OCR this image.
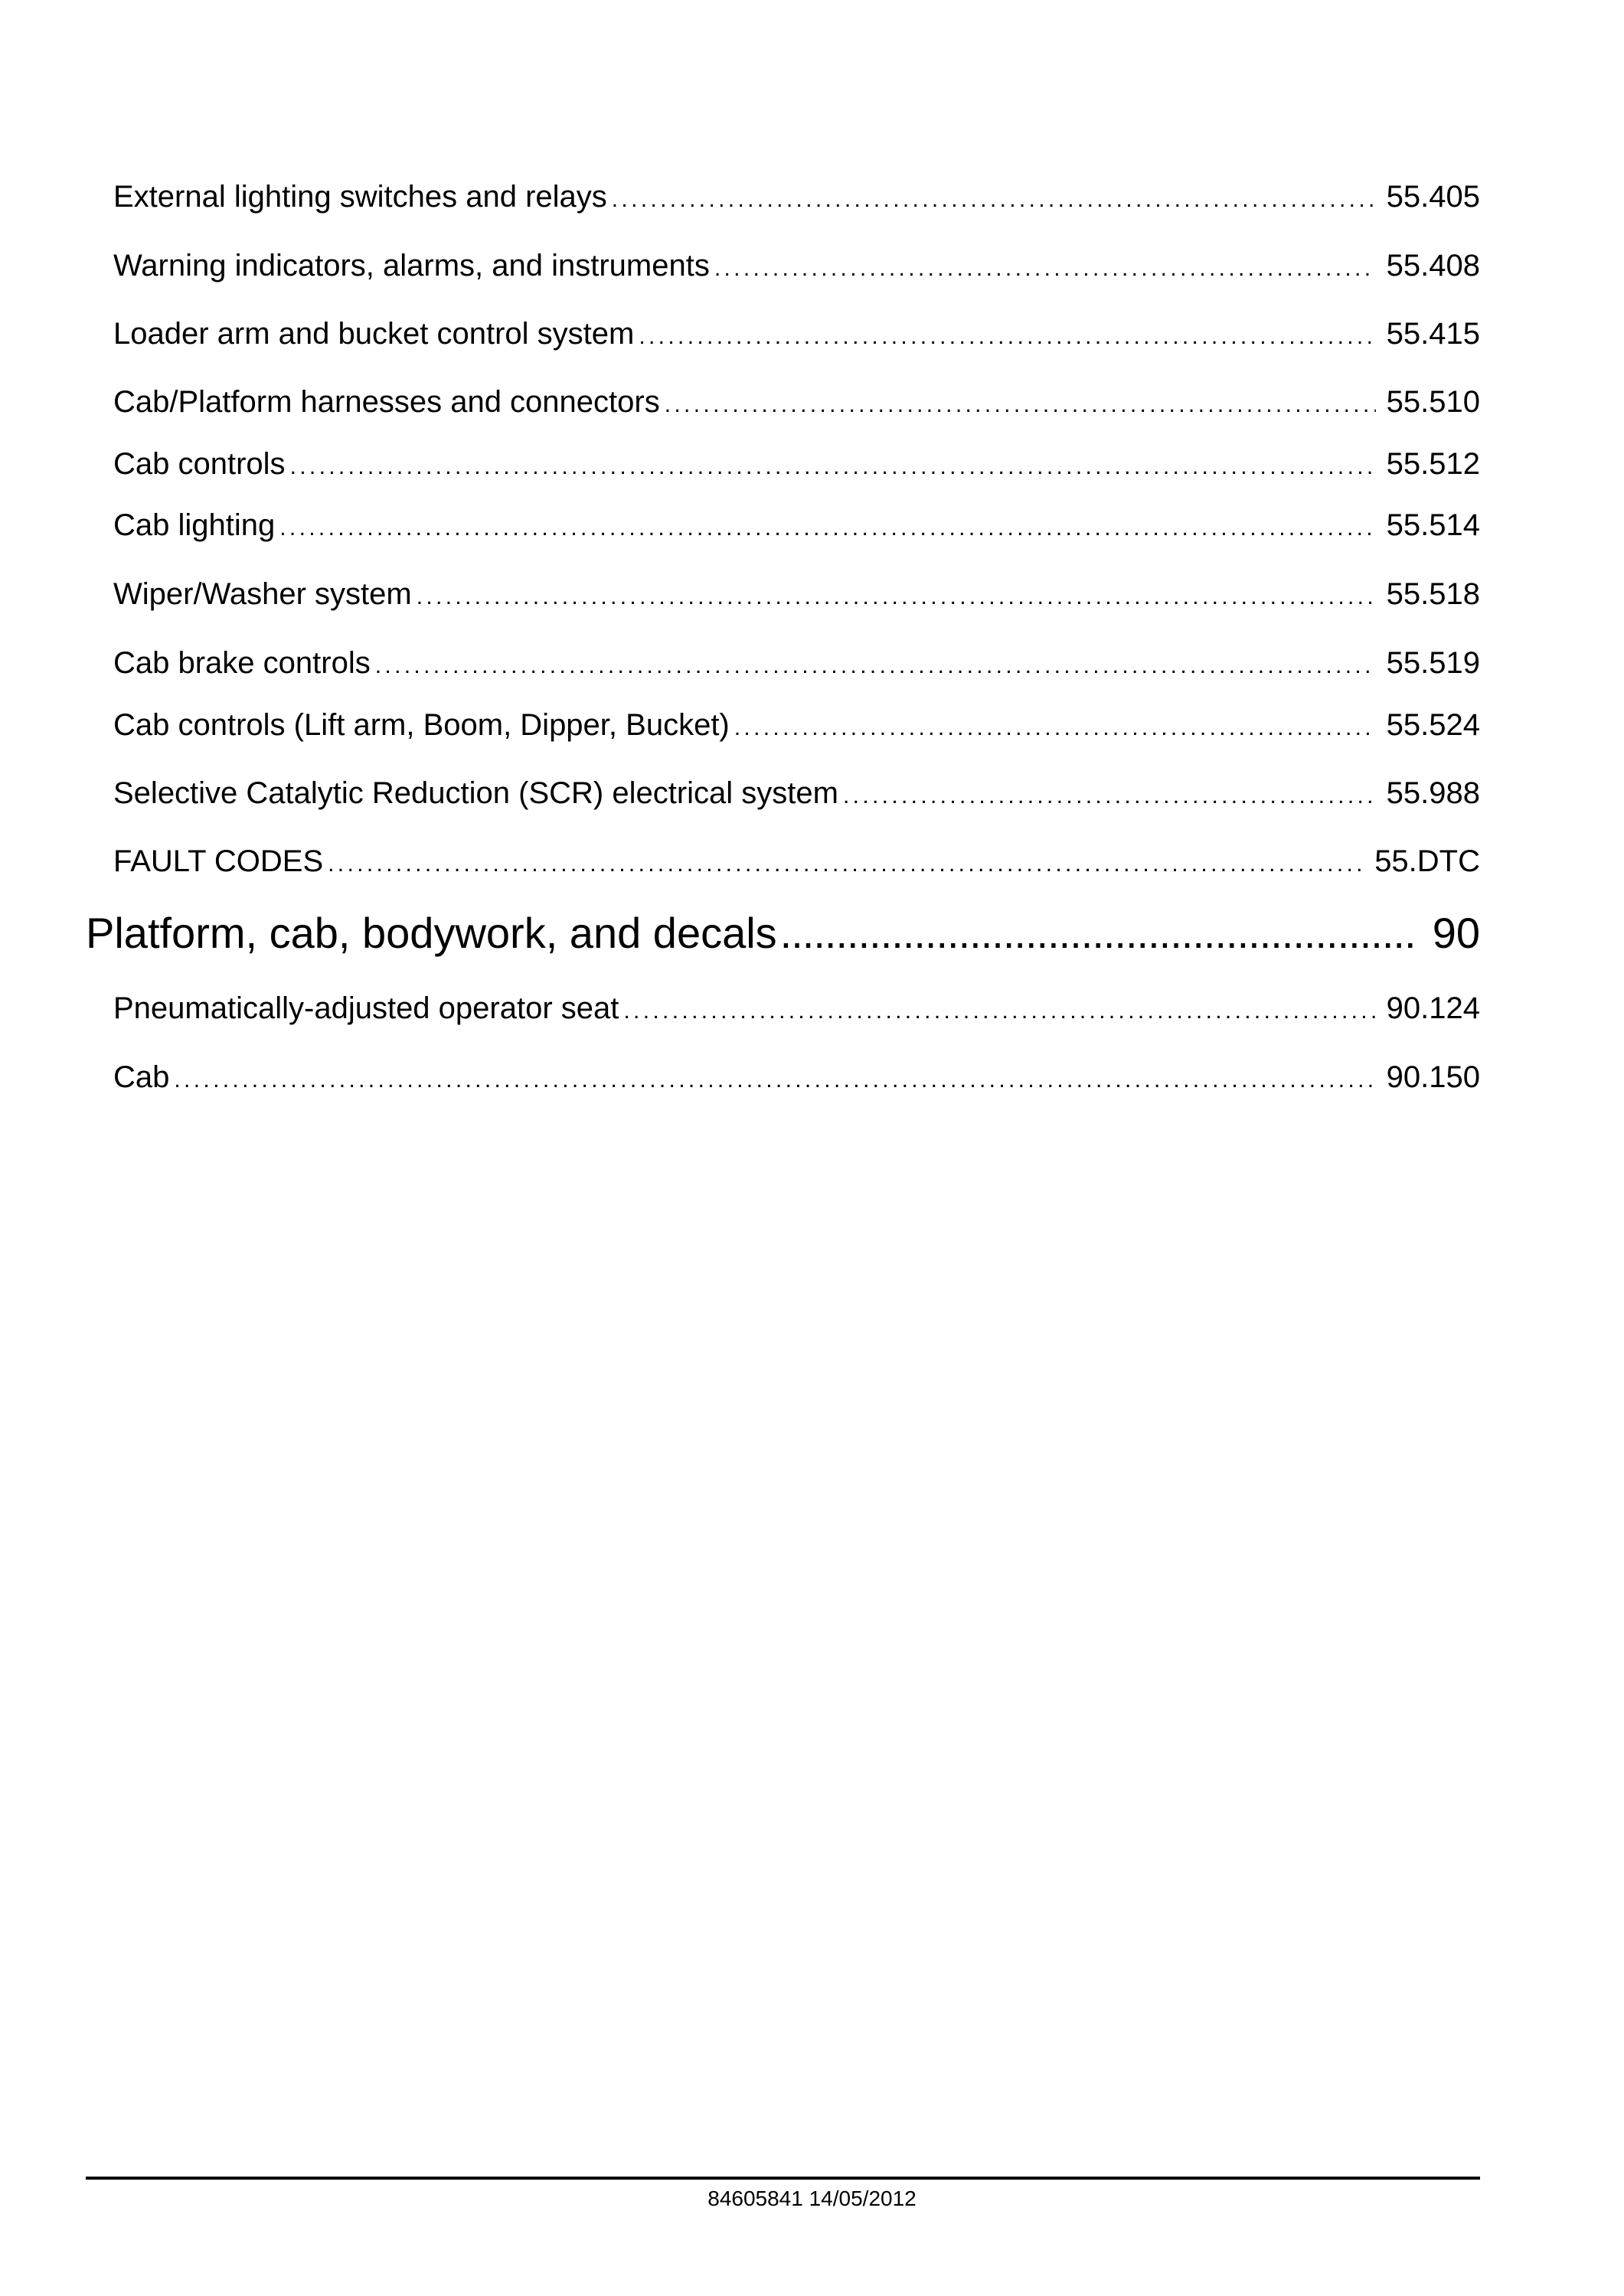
External lighting switches and relays . . .	55.405
Warning indicators, alarms, and instruments . . .	55.408
Loader arm and bucket control system . . .	55.415
Cab/Platform harnesses and connectors . . .	55.510
Cab controls . . .	55.512
Cab lighting . . .	55.514
Wiper/Washer system . . .	55.518
Cab brake controls . . .	55.519
Cab controls (Lift arm, Boom, Dipper, Bucket) . . .	55.524
Selective Catalytic Reduction (SCR) electrical system . . .	55.988
FAULT CODES . . .	55.DTC
Platform, cab, bodywork, and decals .....	90
Pneumatically-adjusted operator seat . . .	90.124
Cab . . .	90.150
84605841 14/05/2012
